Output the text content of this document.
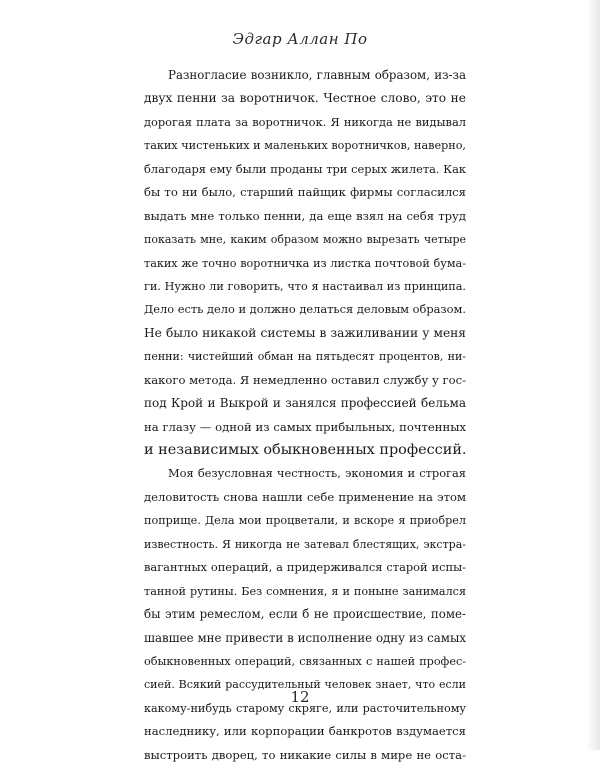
Эдгар Аллан По
Разногласие возникло, главным образом, из-за
двух пенни за воротничок. Честное слово, это не
дорогая плата за воротничок. Я никогда не видывал
таких чистеньких и маленьких воротничков, наверно,
благодаря ему были проданы три серых жилета. Как
бы то ни было, старший пайщик фирмы согласился
выдать мне только пенни, да еще взял на себя труд
показать мне, каким образом можно вырезать четыре
таких же точно воротничка из листка почтовой бума-
ги. Нужно ли говорить, что я настаивал из принципа.
Дело есть дело и должно делаться деловым образом.
Не было никакой системы в зажиливании у меня
пенни: чистейший обман на пятьдесят процентов, ни-
какого метода. Я немедленно оставил службу у гос-
под Крой и Выкрой и занялся профессией бельма
на глазу — одной из самых прибыльных, почтенных
и независимых обыкновенных профессий.
Моя безусловная честность, экономия и строгая
деловитость снова нашли себе применение на этом
поприще. Дела мои процветали, и вскоре я приобрел
известность. Я никогда не затевал блестящих, экстра-
вагантных операций, а придерживался старой испы-
танной рутины. Без сомнения, я и поныне занимался
бы этим ремеслом, если б не происшествие, поме-
шавшее мне привести в исполнение одну из самых
обыкновенных операций, связанных с нашей профес-
сией. Всякий рассудительный человек знает, что если
какому-нибудь старому скряге, или расточительному
наследнику, или корпорации банкротов вздумается
выстроить дворец, то никакие силы в мире не оста-
12
